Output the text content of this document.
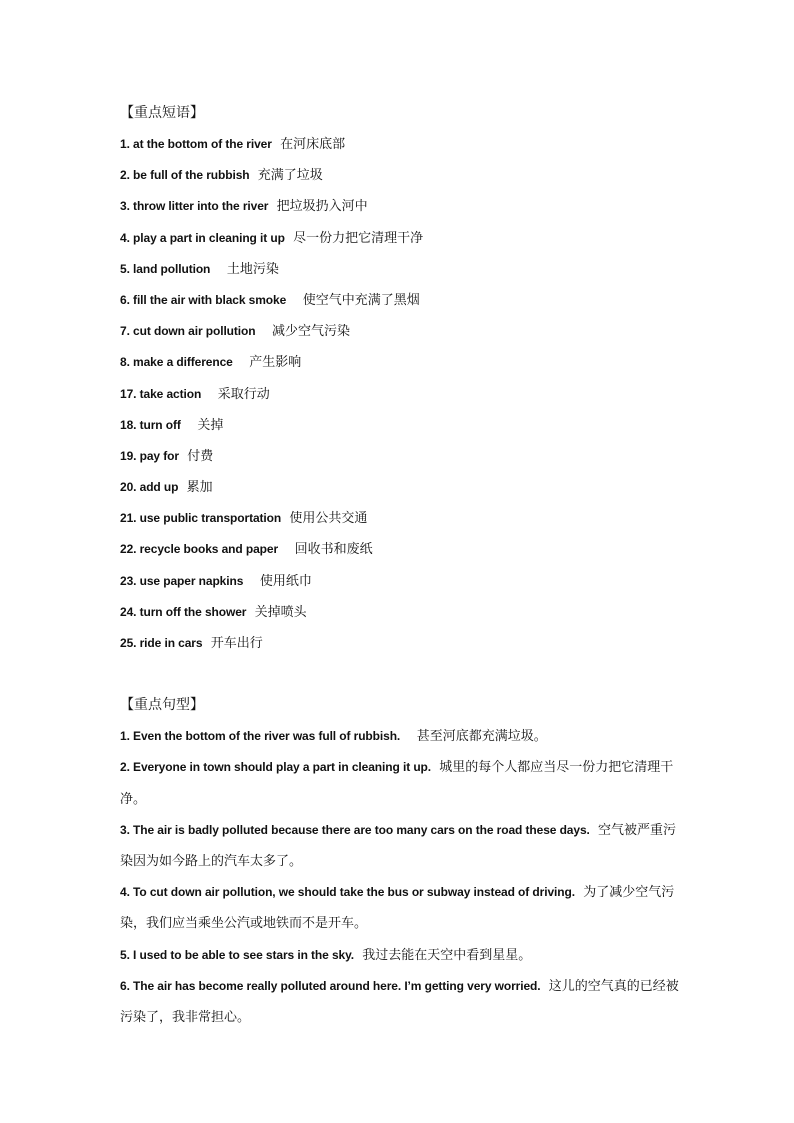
【重点短语】
1. at the bottom of the river 在河床底部
2. be full of the rubbish 充满了垃圾
3. throw litter into the river 把垃圾扔入河中
4. play a part in cleaning it up 尽一份力把它清理干净
5. land pollution 土地污染
6. fill the air with black smoke 使空气中充满了黑烟
7. cut down air pollution 减少空气污染
8. make a difference 产生影响
17. take action 采取行动
18. turn off 关掉
19. pay for 付费
20. add up 累加
21. use public transportation 使用公共交通
22. recycle books and paper 回收书和废纸
23. use paper napkins 使用纸巾
24. turn off the shower 关掉喷头
25. ride in cars 开车出行
【重点句型】
1. Even the bottom of the river was full of rubbish. 甚至河底都充满垃圾。
2. Everyone in town should play a part in cleaning it up. 城里的每个人都应当尽一份力把它清理干净。
3. The air is badly polluted because there are too many cars on the road these days. 空气被严重污染因为如今路上的汽车太多了。
4. To cut down air pollution, we should take the bus or subway instead of driving. 为了减少空气污染，我们应当乘坐公汽或地铁而不是开车。
5. I used to be able to see stars in the sky. 我过去能在天空中看到星星。
6. The air has become really polluted around here. I’m getting very worried. 这儿的空气真的已经被污染了，我非常担心。
